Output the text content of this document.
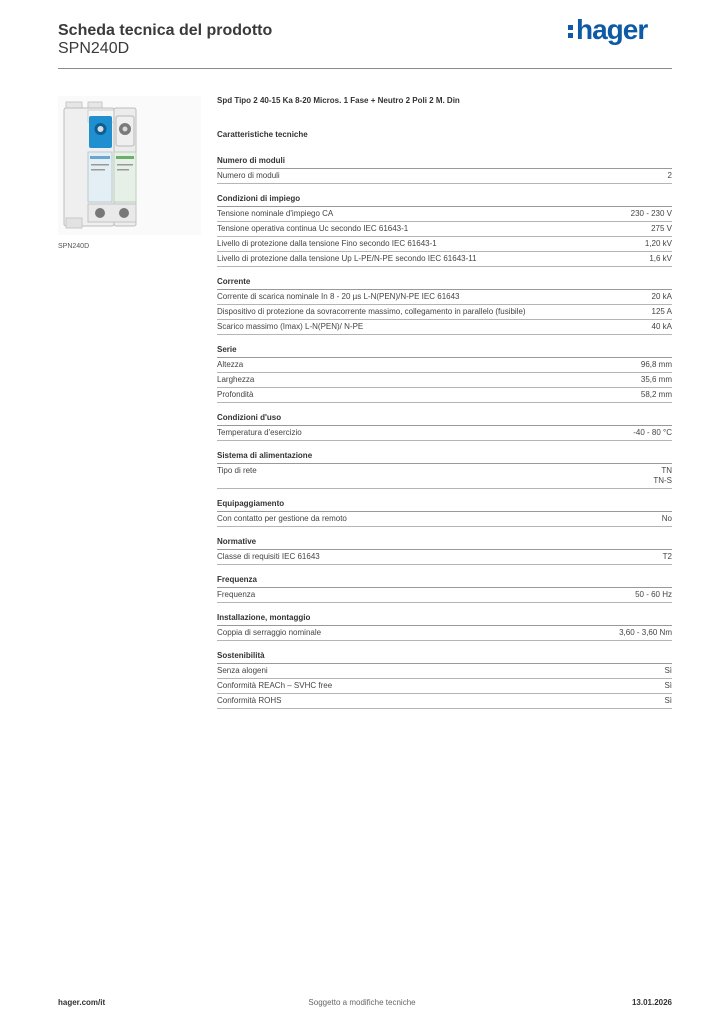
Scheda tecnica del prodotto
SPN240D
hager
SPN240D
Spd Tipo 2 40-15 Ka 8-20 Micros. 1 Fase + Neutro 2 Poli 2 M. Din
Caratteristiche tecniche
Numero di moduli
Numero di moduli	2
Condizioni di impiego
Tensione nominale d'impiego CA	230 - 230 V
Tensione operativa continua Uc secondo IEC 61643-1	275 V
Livello di protezione dalla tensione Fino secondo IEC 61643-1	1,20 kV
Livello di protezione dalla tensione Up L-PE/N-PE secondo IEC 61643-11	1,6 kV
Corrente
Corrente di scarica nominale In 8 - 20 µs L-N(PEN)/N-PE IEC 61643	20 kA
Dispositivo di protezione da sovracorrente massimo, collegamento in parallelo (fusibile)	125 A
Scarico massimo (Imax) L-N(PEN)/ N-PE	40 kA
Serie
Altezza	96,8 mm
Larghezza	35,6 mm
Profondità	58,2 mm
Condizioni d'uso
Temperatura d'esercizio	-40 - 80 °C
Sistema di alimentazione
Tipo di rete	TN
TN-S
Equipaggiamento
Con contatto per gestione da remoto	No
Normative
Classe di requisiti IEC 61643	T2
Frequenza
Frequenza	50 - 60 Hz
Installazione, montaggio
Coppia di serraggio nominale	3,60 - 3,60 Nm
Sostenibilità
Senza alogeni	Sì
Conformità REACh – SVHC free	Sì
Conformità ROHS	Sì
hager.com/it	Soggetto a modifiche tecniche	13.01.2026
